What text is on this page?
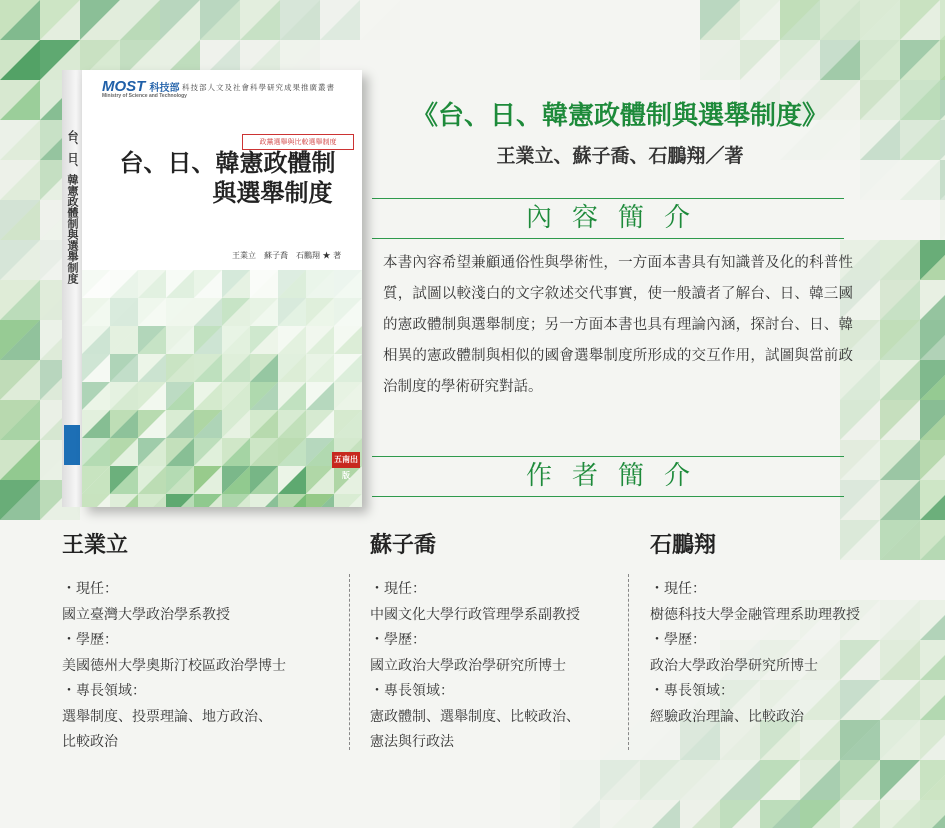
台、日、韓憲政體制與選舉制度
MOST 科技部
Ministry of Science and Technology
科技部人文及社會科學研究成果推廣叢書
政黨選舉與比較選舉制度
台、日、韓憲政體制
與選舉制度
王業立　蘇子喬　石鵬翔 ★ 著
五南出版
《台、日、韓憲政體制與選舉制度》
王業立、蘇子喬、石鵬翔／著
內容簡介
本書內容希望兼顧通俗性與學術性，一方面本書具有知識普及化的科普性質，試圖以較淺白的文字敘述交代事實，使一般讀者了解台、日、韓三國的憲政體制與選舉制度；另一方面本書也具有理論內涵，探討台、日、韓相異的憲政體制與相似的國會選舉制度所形成的交互作用，試圖與當前政治制度的學術研究對話。
作者簡介
王業立
・現任：
國立臺灣大學政治學系教授
・學歷：
美國德州大學奧斯汀校區政治學博士
・專長領域：
選舉制度、投票理論、地方政治、
比較政治
蘇子喬
・現任：
中國文化大學行政管理學系副教授
・學歷：
國立政治大學政治學研究所博士
・專長領域：
憲政體制、選舉制度、比較政治、
憲法與行政法
石鵬翔
・現任：
樹德科技大學金融管理系助理教授
・學歷：
政治大學政治學研究所博士
・專長領域：
經驗政治理論、比較政治
